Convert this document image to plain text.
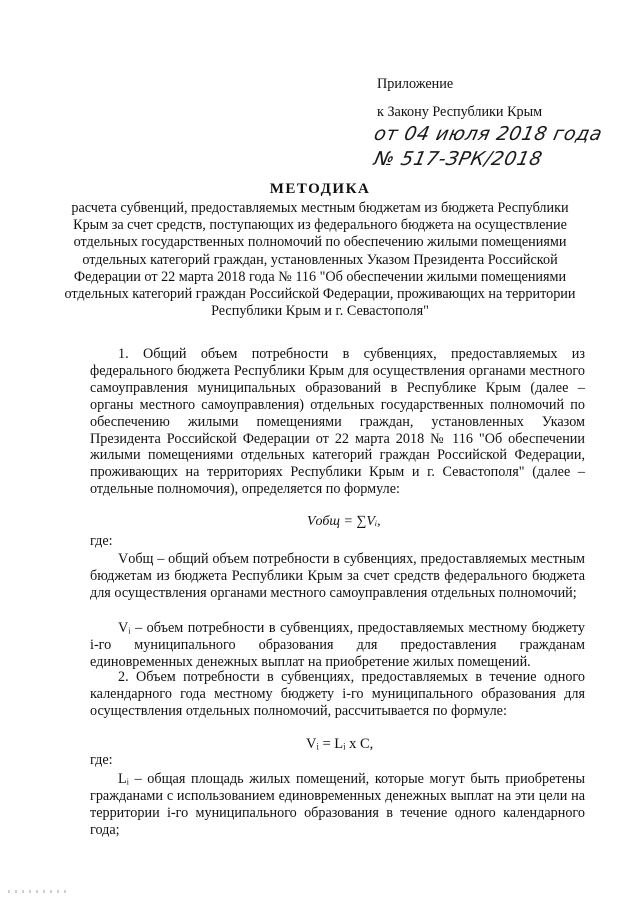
Приложение

к Закону Республики Крым

от 04 июля 2018 года

№ 517-ЗРК/2018

МЕТОДИКА

расчета субвенций, предоставляемых местным бюджетам из бюджета Республики Крым за счет средств, поступающих из федерального бюджета на осуществление отдельных государственных полномочий по обеспечению жилыми помещениями отдельных категорий граждан, установленных Указом Президента Российской Федерации от 22 марта 2018 года № 116 "Об обеспечении жилыми помещениями отдельных категорий граждан Российской Федерации, проживающих на территории Республики Крым и г. Севастополя"

1. Общий объем потребности в субвенциях, предоставляемых из федерального бюджета Республики Крым для осуществления органами местного самоуправления муниципальных образований в Республике Крым (далее – органы местного самоуправления) отдельных государственных полномочий по обеспечению жилыми помещениями граждан, установленных Указом Президента Российской Федерации от 22 марта 2018 № 116 "Об обеспечении жилыми помещениями отдельных категорий граждан Российской Федерации, проживающих на территориях Республики Крым и г. Севастополя" (далее – отдельные полномочия), определяется по формуле:

Vобщ = ∑Vᵢ,

где:

Vобщ – общий объем потребности в субвенциях, предоставляемых местным бюджетам из бюджета Республики Крым за счет средств федерального бюджета для осуществления органами местного самоуправления отдельных полномочий;

Vᵢ – объем потребности в субвенциях, предоставляемых местному бюджету i-го муниципального образования для предоставления гражданам единовременных денежных выплат на приобретение жилых помещений.

2. Объем потребности в субвенциях, предоставляемых в течение одного календарного года местному бюджету i-го муниципального образования для осуществления отдельных полномочий, рассчитывается по формуле:

Vᵢ = Lᵢ x C,

где:

Lᵢ – общая площадь жилых помещений, которые могут быть приобретены гражданами с использованием единовременных денежных выплат на эти цели на территории i-го муниципального образования в течение одного календарного года;
